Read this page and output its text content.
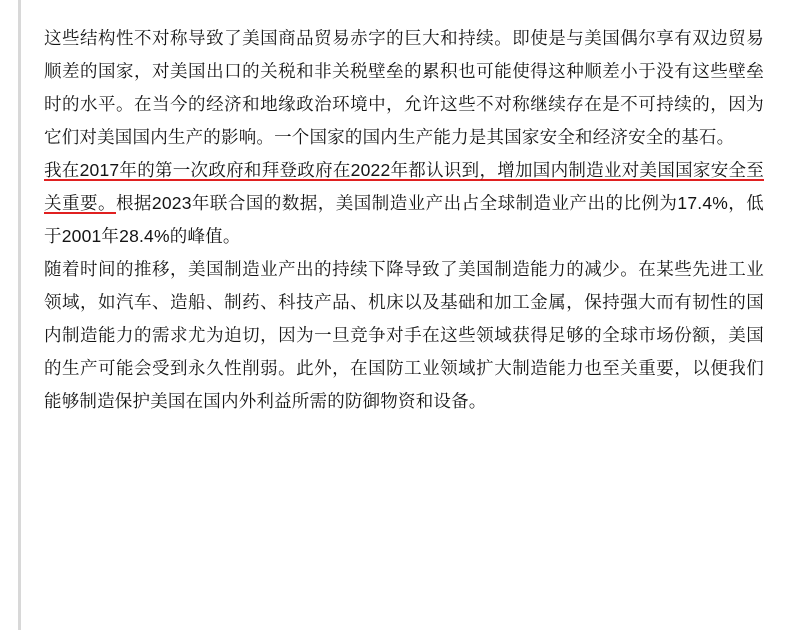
这些结构性不对称导致了美国商品贸易赤字的巨大和持续。即使是与美国偶尔享有双边贸易顺差的国家，对美国出口的关税和非关税壁垒的累积也可能使得这种顺差小于没有这些壁垒时的水平。在当今的经济和地缘政治环境中，允许这些不对称继续存在是不可持续的，因为它们对美国国内生产的影响。一个国家的国内生产能力是其国家安全和经济安全的基石。

我在2017年的第一次政府和拜登政府在2022年都认识到，增加国内制造业对美国国家安全至关重要。根据2023年联合国的数据，美国制造业产出占全球制造业产出的比例为17.4%，低于2001年28.4%的峰值。

随着时间的推移，美国制造业产出的持续下降导致了美国制造能力的减少。在某些先进工业领域，如汽车、造船、制药、科技产品、机床以及基础和加工金属，保持强大而有韧性的国内制造能力的需求尤为迫切，因为一旦竞争对手在这些领域获得足够的全球市场份额，美国的生产可能会受到永久性削弱。此外，在国防工业领域扩大制造能力也至关重要，以便我们能够制造保护美国在国内外利益所需的防御物资和设备。
